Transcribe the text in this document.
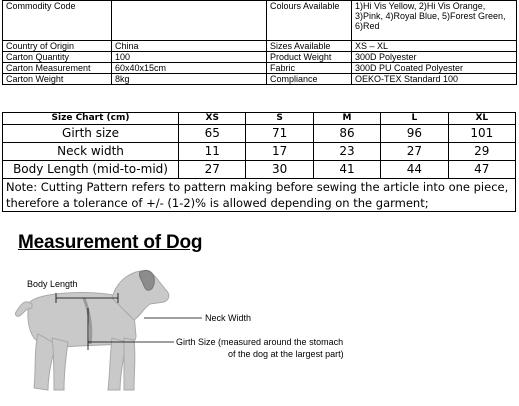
Commodity Code		Colours Available	1)Hi Vis Yellow, 2)Hi Vis Orange, 3)Pink, 4)Royal Blue, 5)Forest Green, 6)Red
Country of Origin	China	Sizes Available	XS – XL
Carton Quantity	100	Product Weight	300D Polyester
Carton Measurement	60x40x15cm	Fabric	300D PU Coated Polyester
Carton Weight	8kg	Compliance	OEKO-TEX Standard 100
Size Chart (cm)	XS	S	M	L	XL
Girth size	65	71	86	96	101
Neck width	11	17	23	27	29
Body Length (mid-to-mid)	27	30	41	44	47
Note: Cutting Pattern refers to pattern making before sewing the article into one piece, therefore a tolerance of +/- (1-2)% is allowed depending on the garment;					
Measurement of Dog
Body Length
Neck Width
Girth Size (measured around the stomach
of the dog at the largest part)
